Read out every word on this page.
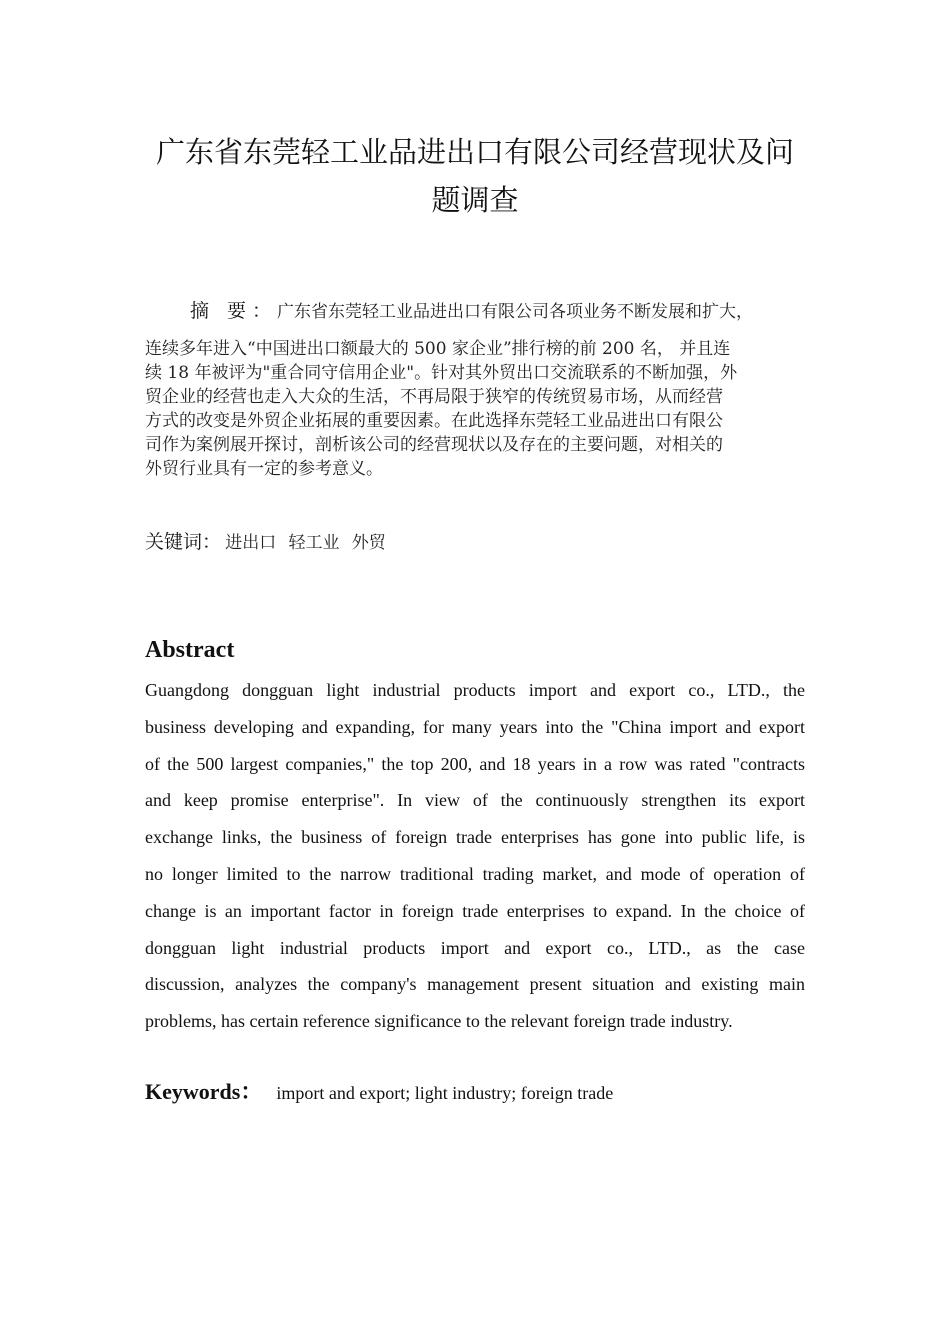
广东省东莞轻工业品进出口有限公司经营现状及问
题调查
摘 要：广东省东莞轻工业品进出口有限公司各项业务不断发展和扩大，
连续多年进入“中国进出口额最大的 500 家企业”排行榜的前 200 名， 并且连
续 18 年被评为"重合同守信用企业"。针对其外贸出口交流联系的不断加强，外
贸企业的经营也走入大众的生活，不再局限于狭窄的传统贸易市场，从而经营
方式的改变是外贸企业拓展的重要因素。在此选择东莞轻工业品进出口有限公
司作为案例展开探讨，剖析该公司的经营现状以及存在的主要问题，对相关的
外贸行业具有一定的参考意义。
关键词： 进出口 轻工业 外贸
Abstract
Guangdong dongguan light industrial products import and export co., LTD., the
business developing and expanding, for many years into the "China import and export
of the 500 largest companies," the top 200, and 18 years in a row was rated "contracts
and keep promise enterprise". In view of the continuously strengthen its export
exchange links, the business of foreign trade enterprises has gone into public life, is
no longer limited to the narrow traditional trading market, and mode of operation of
change is an important factor in foreign trade enterprises to expand. In the choice of
dongguan light industrial products import and export co., LTD., as the case
discussion, analyzes the company's management present situation and existing main
problems, has certain reference significance to the relevant foreign trade industry.
Keywords： import and export; light industry; foreign trade
